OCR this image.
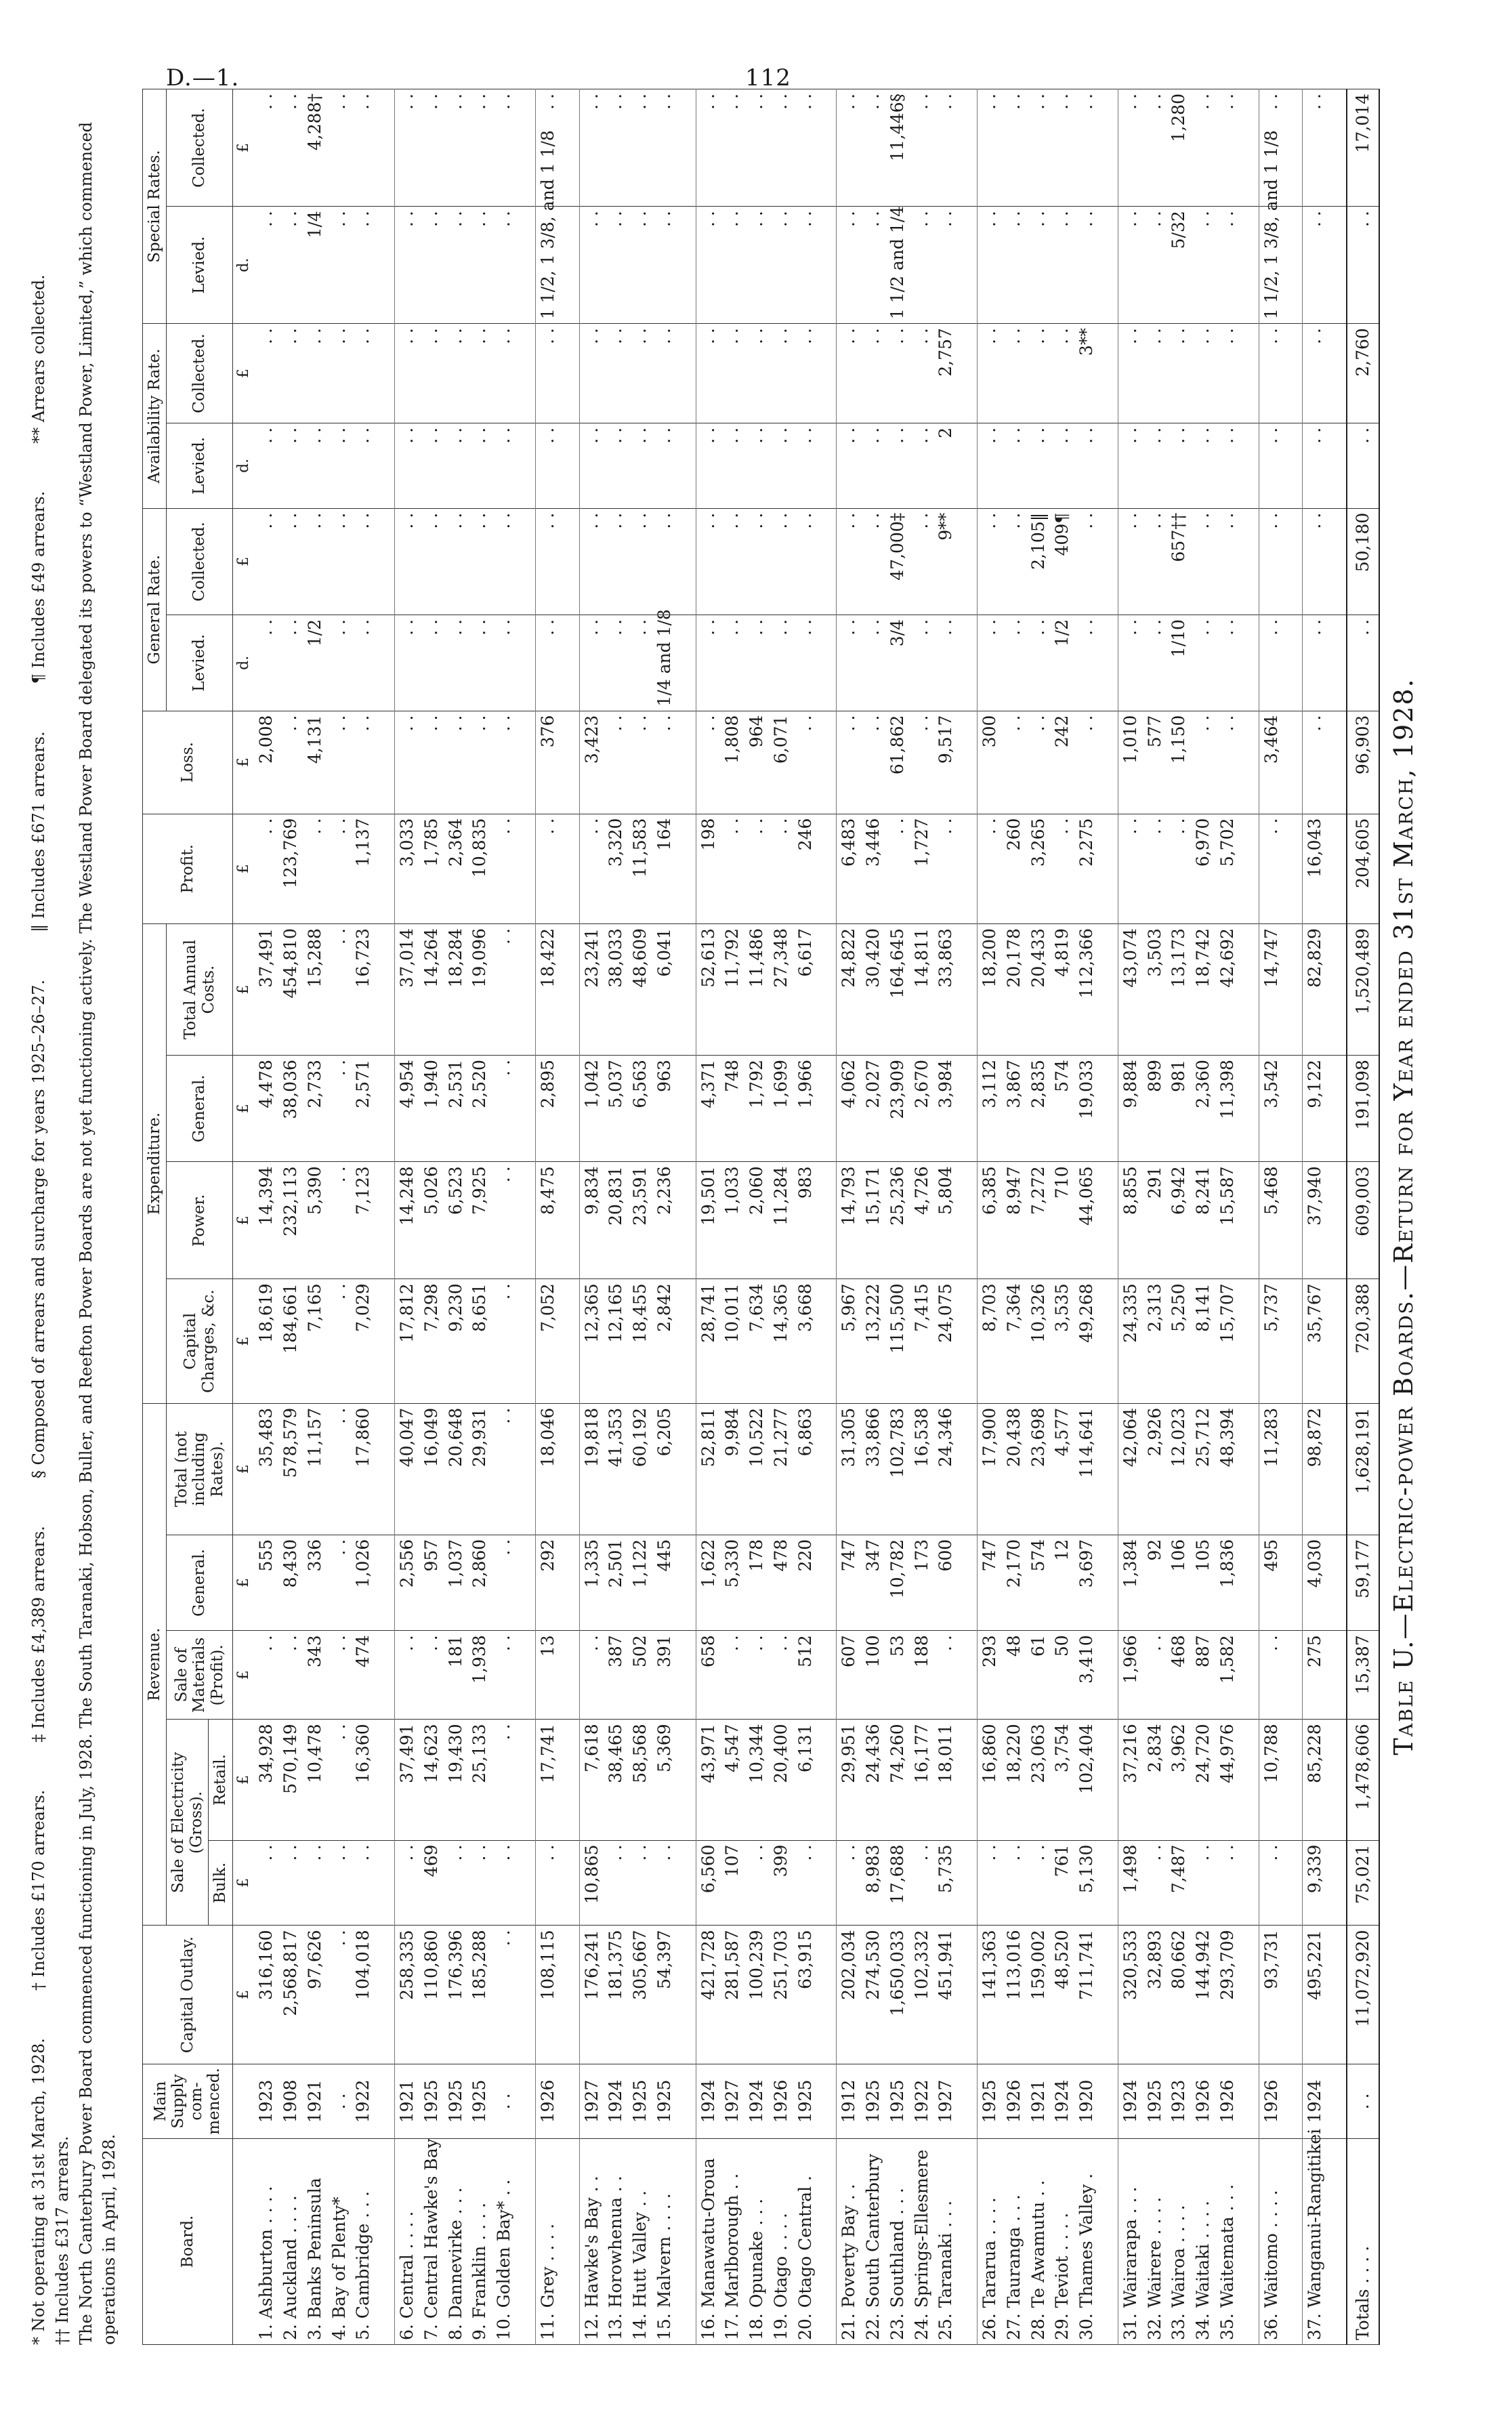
D.—1.	112
Table U.—Electric-power Boards.—Return for Year ended 31st March, 1928.
Board.	Main Supply com-menced.	Capital Outlay.	Revenue.					Expenditure.				Profit.	Loss.	General Rate.		Availability Rate.		Special Rates.	
			Sale of Electricity (Gross).		Sale of Materials (Profit).	General.	Total (not including Rates).	Capital Charges, &c.	Power.	General.	Total Annual Costs.			Levied.	Collected.	Levied.	Collected.	Levied.	Collected.
			Bulk.	Retail.															
		£	£	£	£	£	£	£	£	£	£	£	£	d.	£	d.	£	d.	£
1. Ashburton . . . .	1923	316,160	. .	34,928	. .	555	35,483	18,619	14,394	4,478	37,491	. .	2,008	. .	. .	. .	. .	. .	. .
2. Auckland . . . .	1908	2,568,817	. .	570,149	. .	8,430	578,579	184,661	232,113	38,036	454,810	123,769	. .	. .	. .	. .	. .	. .	. .
3. Banks Peninsula	1921	97,626	. .	10,478	343	336	11,157	7,165	5,390	2,733	15,288	. .	4,131	1/2	. .	. .	. .	1/4	4,288†
4. Bay of Plenty*	. .	. .	. .	. .	. .	. .	. .	. .	. .	. .	. .	. .	. .	. .	. .	. .	. .	. .	. .
5. Cambridge . . .	1922	104,018	. .	16,360	474	1,026	17,860	7,029	7,123	2,571	16,723	1,137	. .	. .	. .	. .	. .	. .	. .

6. Central . . . .	1921	258,335	. .	37,491	. .	2,556	40,047	17,812	14,248	4,954	37,014	3,033	. .	. .	. .	. .	. .	. .	. .
7. Central Hawke's Bay	1925	110,860	469	14,623	. .	957	16,049	7,298	5,026	1,940	14,264	1,785	. .	. .	. .	. .	. .	. .	. .
8. Dannevirke . . .	1925	176,396	. .	19,430	181	1,037	20,648	9,230	6,523	2,531	18,284	2,364	. .	. .	. .	. .	. .	. .	. .
9. Franklin . . . .	1925	185,288	. .	25,133	1,938	2,860	29,931	8,651	7,925	2,520	19,096	10,835	. .	. .	. .	. .	. .	. .	. .
10. Golden Bay* . .	. .	. .	. .	. .	. .	. .	. .	. .	. .	. .	. .	. .	. .	. .	. .	. .	. .	. .	. .

11. Grey . . . .	1926	108,115	. .	17,741	13	292	18,046	7,052	8,475	2,895	18,422	. .	376	. .	. .	. .	. .	1 1/2, 1 3/8, and 1 1/8	. .

12. Hawke's Bay . .	1927	176,241	10,865	7,618	. .	1,335	19,818	12,365	9,834	1,042	23,241	. .	3,423	. .	. .	. .	. .	. .	. .
13. Horowhenua . .	1924	181,375	. .	38,465	387	2,501	41,353	12,165	20,831	5,037	38,033	3,320	. .	. .	. .	. .	. .	. .	. .
14. Hutt Valley . .	1925	305,667	. .	58,568	502	1,122	60,192	18,455	23,591	6,563	48,609	11,583	. .	. .	. .	. .	. .	. .	. .
15. Malvern . . . .	1925	54,397	. .	5,369	391	445	6,205	2,842	2,236	963	6,041	164	. .	1/4 and 1/8	. .	. .	. .	. .	. .

16. Manawatu-Oroua	1924	421,728	6,560	43,971	658	1,622	52,811	28,741	19,501	4,371	52,613	198	. .	. .	. .	. .	. .	. .	. .
17. Marlborough . .	1927	281,587	107	4,547	. .	5,330	9,984	10,011	1,033	748	11,792	. .	1,808	. .	. .	. .	. .	. .	. .
18. Opunake . . .	1924	100,239	. .	10,344	. .	178	10,522	7,634	2,060	1,792	11,486	. .	964	. .	. .	. .	. .	. .	. .
19. Otago . . . .	1926	251,703	399	20,400	. .	478	21,277	14,365	11,284	1,699	27,348	. .	6,071	. .	. .	. .	. .	. .	. .
20. Otago Central .	1925	63,915	. .	6,131	512	220	6,863	3,668	983	1,966	6,617	246	. .	. .	. .	. .	. .	. .	. .

21. Poverty Bay . .	1912	202,034	. .	29,951	607	747	31,305	5,967	14,793	4,062	24,822	6,483	. .	. .	. .	. .	. .	. .	. .
22. South Canterbury	1925	274,530	8,983	24,436	100	347	33,866	13,222	15,171	2,027	30,420	3,446	. .	. .	. .	. .	. .	. .	. .
23. Southland . . .	1925	1,650,033	17,688	74,260	53	10,782	102,783	115,500	25,236	23,909	164,645	. .	61,862	3/4	47,000‡	. .	. .	1 1/2 and 1/4	11,446§
24. Springs-Ellesmere	1922	102,332	. .	16,177	188	173	16,538	7,415	4,726	2,670	14,811	1,727	. .	. .	. .	. .	. .	. .	. .
25. Taranaki . . .	1927	451,941	5,735	18,011	. .	600	24,346	24,075	5,804	3,984	33,863	. .	9,517	. .	9**	2	2,757	. .	. .

26. Tararua . . . .	1925	141,363	. .	16,860	293	747	17,900	8,703	6,385	3,112	18,200	. .	300	. .	. .	. .	. .	. .	. .
27. Tauranga . . .	1926	113,016	. .	18,220	48	2,170	20,438	7,364	8,947	3,867	20,178	260	. .	. .	. .	. .	. .	. .	. .
28. Te Awamutu . .	1921	159,002	. .	23,063	61	574	23,698	10,326	7,272	2,835	20,433	3,265	. .	. .	2,105‖	. .	. .	. .	. .
29. Teviot . . . .	1924	48,520	761	3,754	50	12	4,577	3,535	710	574	4,819	. .	242	1/2	409¶	. .	. .	. .	. .
30. Thames Valley .	1920	711,741	5,130	102,404	3,410	3,697	114,641	49,268	44,065	19,033	112,366	2,275	. .	. .	. .	. .	3**	. .	. .

31. Wairarapa . . .	1924	320,533	1,498	37,216	1,966	1,384	42,064	24,335	8,855	9,884	43,074	. .	1,010	. .	. .	. .	. .	. .	. .
32. Wairere . . . .	1925	32,893	. .	2,834	. .	92	2,926	2,313	291	899	3,503	. .	577	. .	. .	. .	. .	. .	. .
33. Wairoa . . . .	1923	80,662	7,487	3,962	468	106	12,023	5,250	6,942	981	13,173	. .	1,150	1/10	657††	. .	. .	5/32	1,280
34. Waitaki . . . .	1926	144,942	. .	24,720	887	105	25,712	8,141	8,241	2,360	18,742	6,970	. .	. .	. .	. .	. .	. .	. .
35. Waitemata . . .	1926	293,709	. .	44,976	1,582	1,836	48,394	15,707	15,587	11,398	42,692	5,702	. .	. .	. .	. .	. .	. .	. .

36. Waitomo . . . .	1926	93,731	. .	10,788	. .	495	11,283	5,737	5,468	3,542	14,747	. .	3,464	. .	. .	. .	. .	1 1/2, 1 3/8, and 1 1/8	. .

37. Wanganui-Rangitikei	1924	495,221	9,339	85,228	275	4,030	98,872	35,767	37,940	9,122	82,829	16,043	. .	. .	. .	. .	. .	. .	. .

Totals . . . .	. .	11,072,920	75,021	1,478,606	15,387	59,177	1,628,191	720,388	609,003	191,098	1,520,489	204,605	96,903	. .	50,180	. .	2,760	. .	17,014
* Not operating at 31st March, 1928.
† Includes £170 arrears.
‡ Includes £4,389 arrears.
§ Composed of arrears and surcharge for years 1925–26–27.
‖ Includes £671 arrears.
¶ Includes £49 arrears.
** Arrears collected.
†† Includes £317 arrears. The North Canterbury Power Board commenced functioning in July, 1928. The South Taranaki, Hobson, Buller, and Reefton Power Boards are not yet functioning actively. The Westland Power Board delegated its powers to “Westland Power, Limited,” which commenced operations in April, 1928.
